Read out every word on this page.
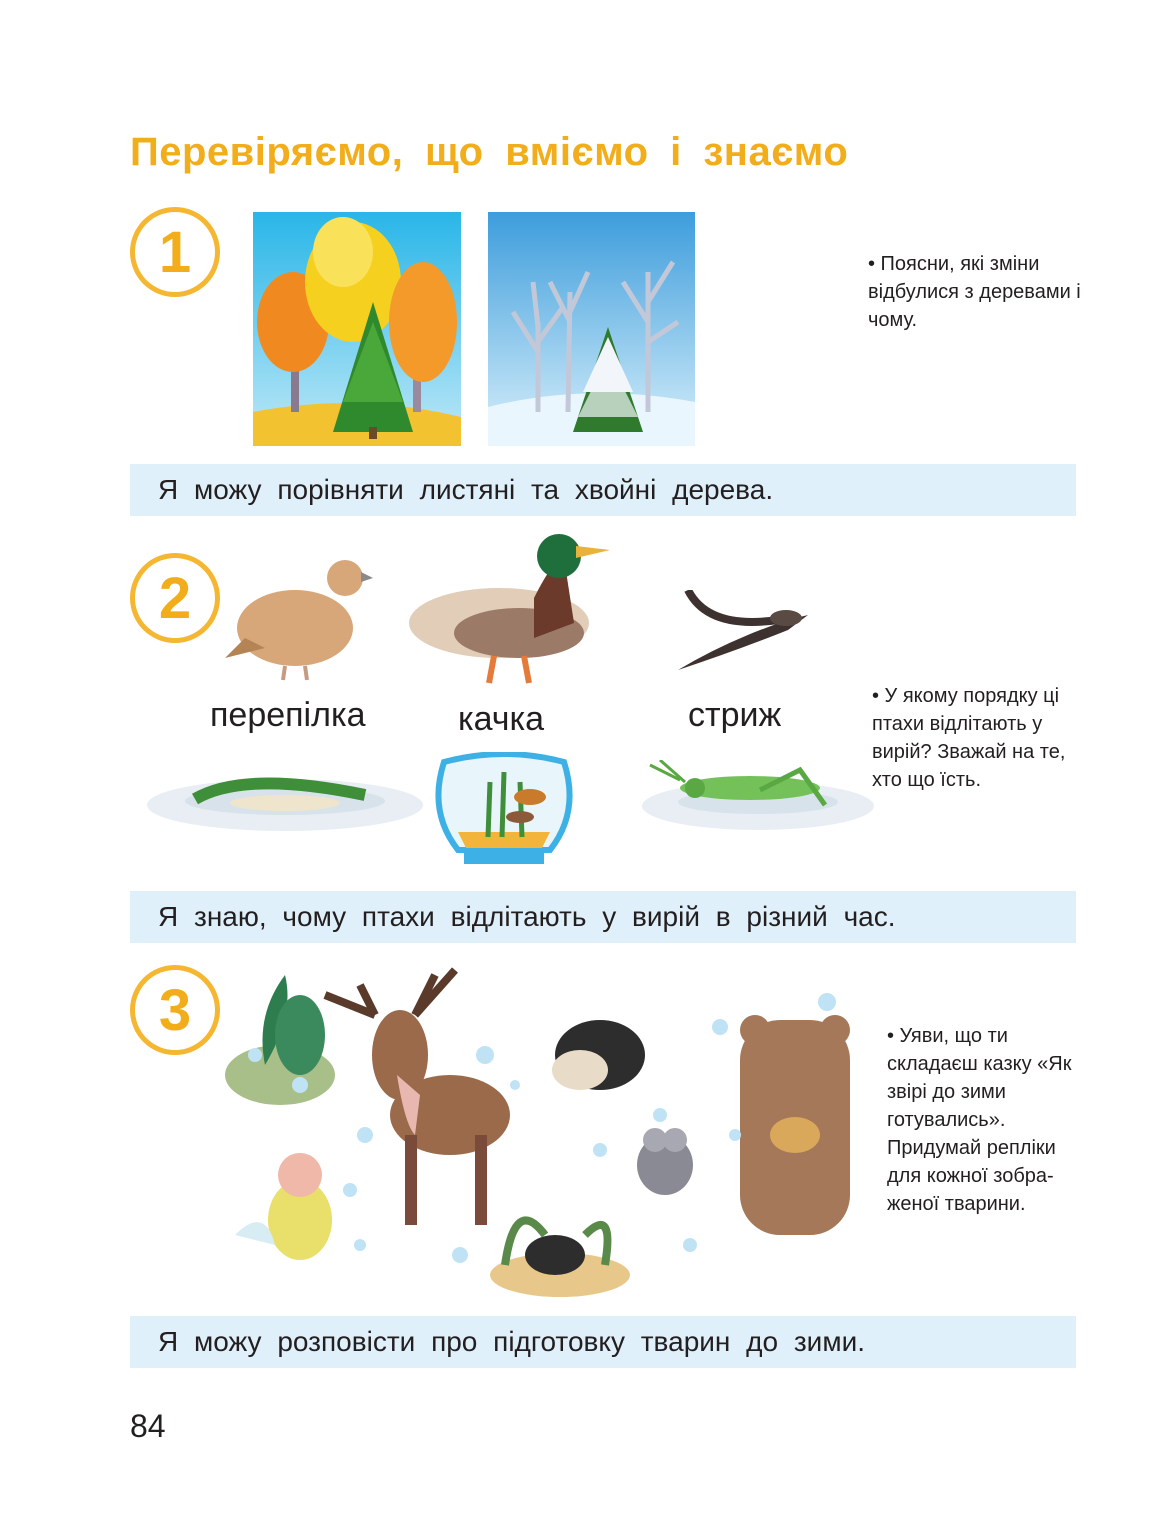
Перевіряємо, що вміємо і знаємо
1	• Поясни, які зміни відбулися з деревами і чому.
Я можу порівняти листяні та хвойні дерева.
2
перепілка	качка	стриж	• У якому порядку ці птахи відлітають у вирій? Зважай на те, хто що їсть.
Я знаю, чому птахи відлітають у вирій в різний час.
3	• Уяви, що ти складаєш казку «Як звірі до зими готувались». Придумай репліки для кожної зображеної тварини.
Я можу розповісти про підготовку тварин до зими.
84
